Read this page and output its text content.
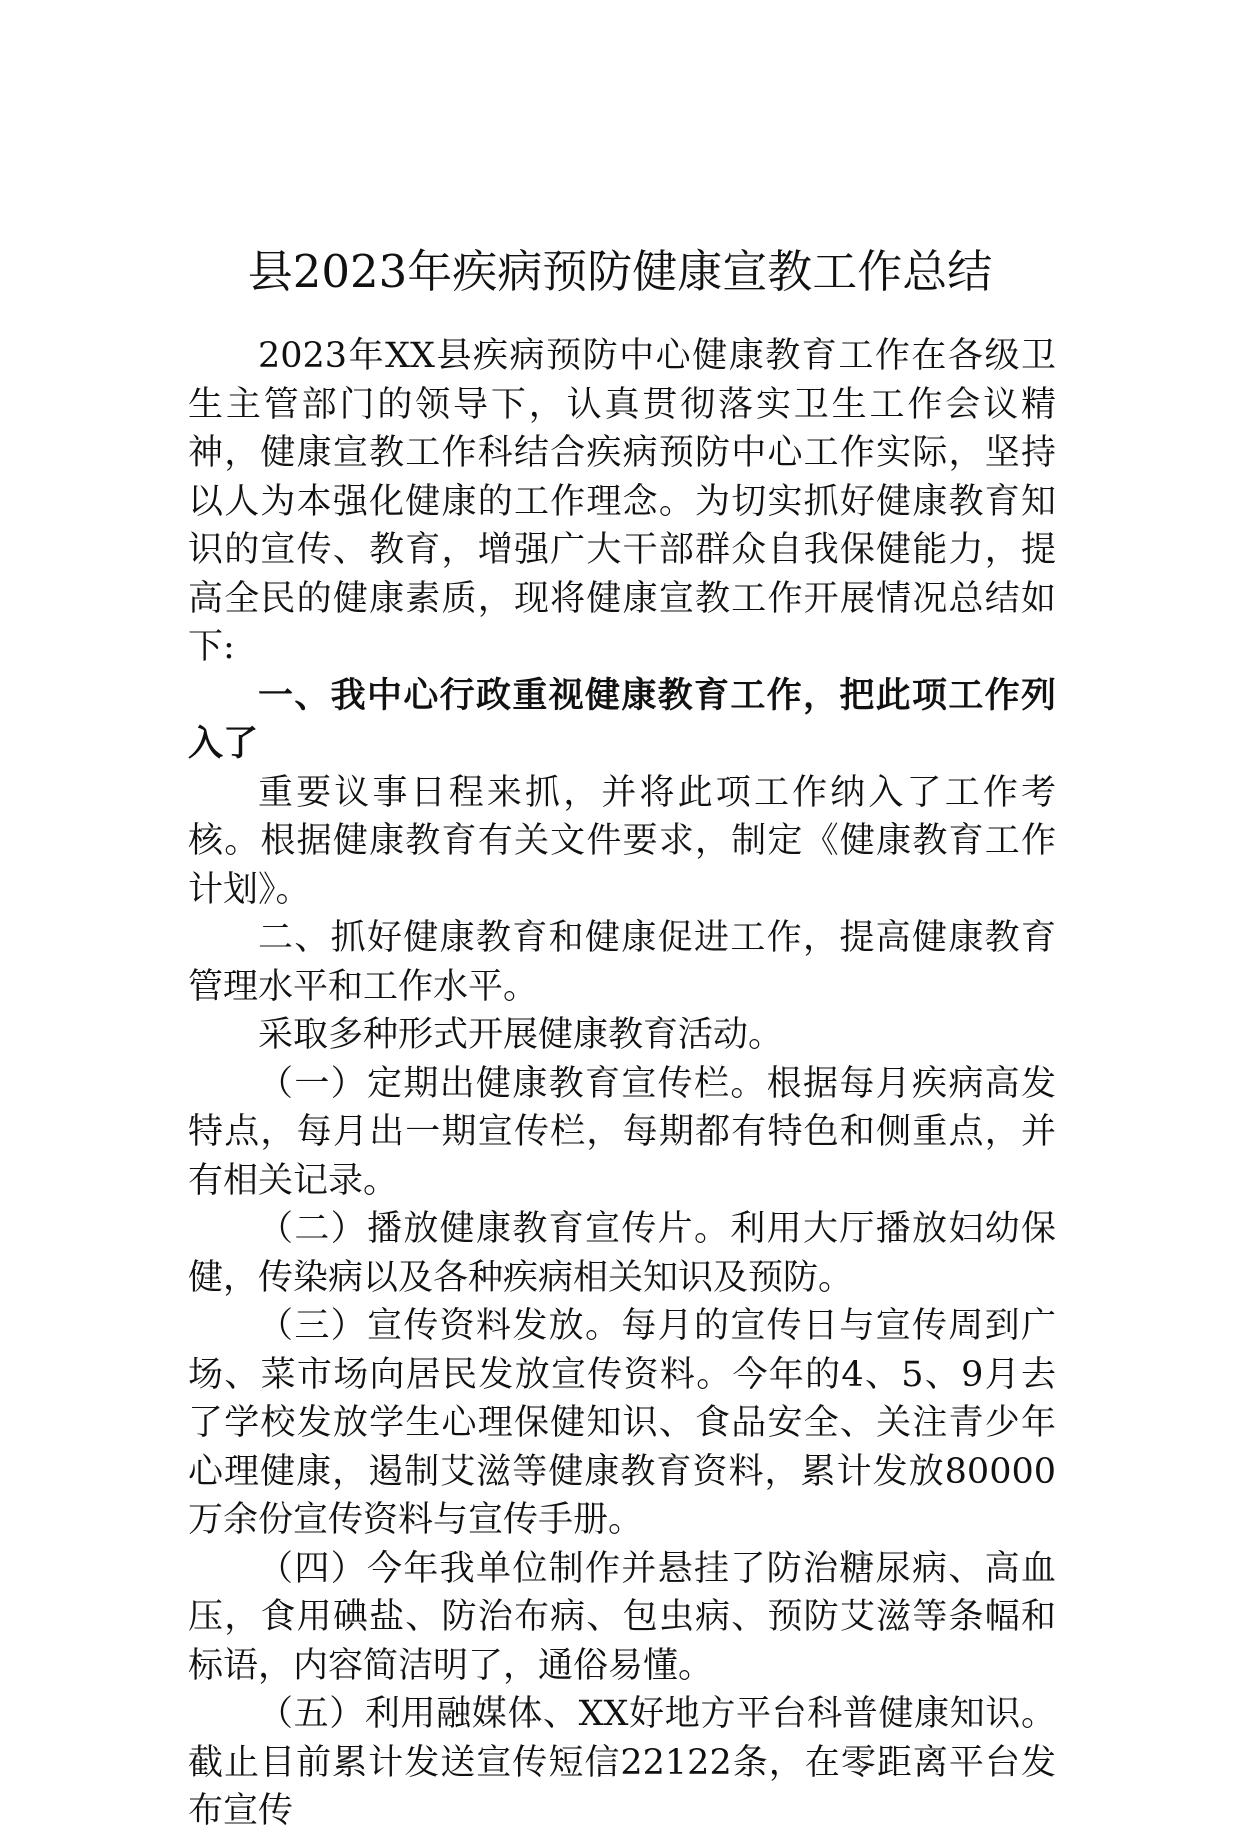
县2023年疾病预防健康宣教工作总结

2023年XX县疾病预防中心健康教育工作在各级卫生主管部门的领导下，认真贯彻落实卫生工作会议精神，健康宣教工作科结合疾病预防中心工作实际，坚持以人为本强化健康的工作理念。为切实抓好健康教育知识的宣传、教育，增强广大干部群众自我保健能力，提高全民的健康素质，现将健康宣教工作开展情况总结如下:

一、我中心行政重视健康教育工作，把此项工作列入了

重要议事日程来抓，并将此项工作纳入了工作考核。根据健康教育有关文件要求，制定《健康教育工作计划》。

二、抓好健康教育和健康促进工作，提高健康教育管理水平和工作水平。

采取多种形式开展健康教育活动。

（一）定期出健康教育宣传栏。根据每月疾病高发特点，每月出一期宣传栏，每期都有特色和侧重点，并有相关记录。

（二）播放健康教育宣传片。利用大厅播放妇幼保健，传染病以及各种疾病相关知识及预防。

（三）宣传资料发放。每月的宣传日与宣传周到广场、菜市场向居民发放宣传资料。今年的4、5、9月去了学校发放学生心理保健知识、食品安全、关注青少年心理健康，遏制艾滋等健康教育资料，累计发放80000万余份宣传资料与宣传手册。

（四）今年我单位制作并悬挂了防治糖尿病、高血压，食用碘盐、防治布病、包虫病、预防艾滋等条幅和标语，内容简洁明了，通俗易懂。

（五）利用融媒体、XX好地方平台科普健康知识。截止目前累计发送宣传短信22122条，在零距离平台发布宣传
